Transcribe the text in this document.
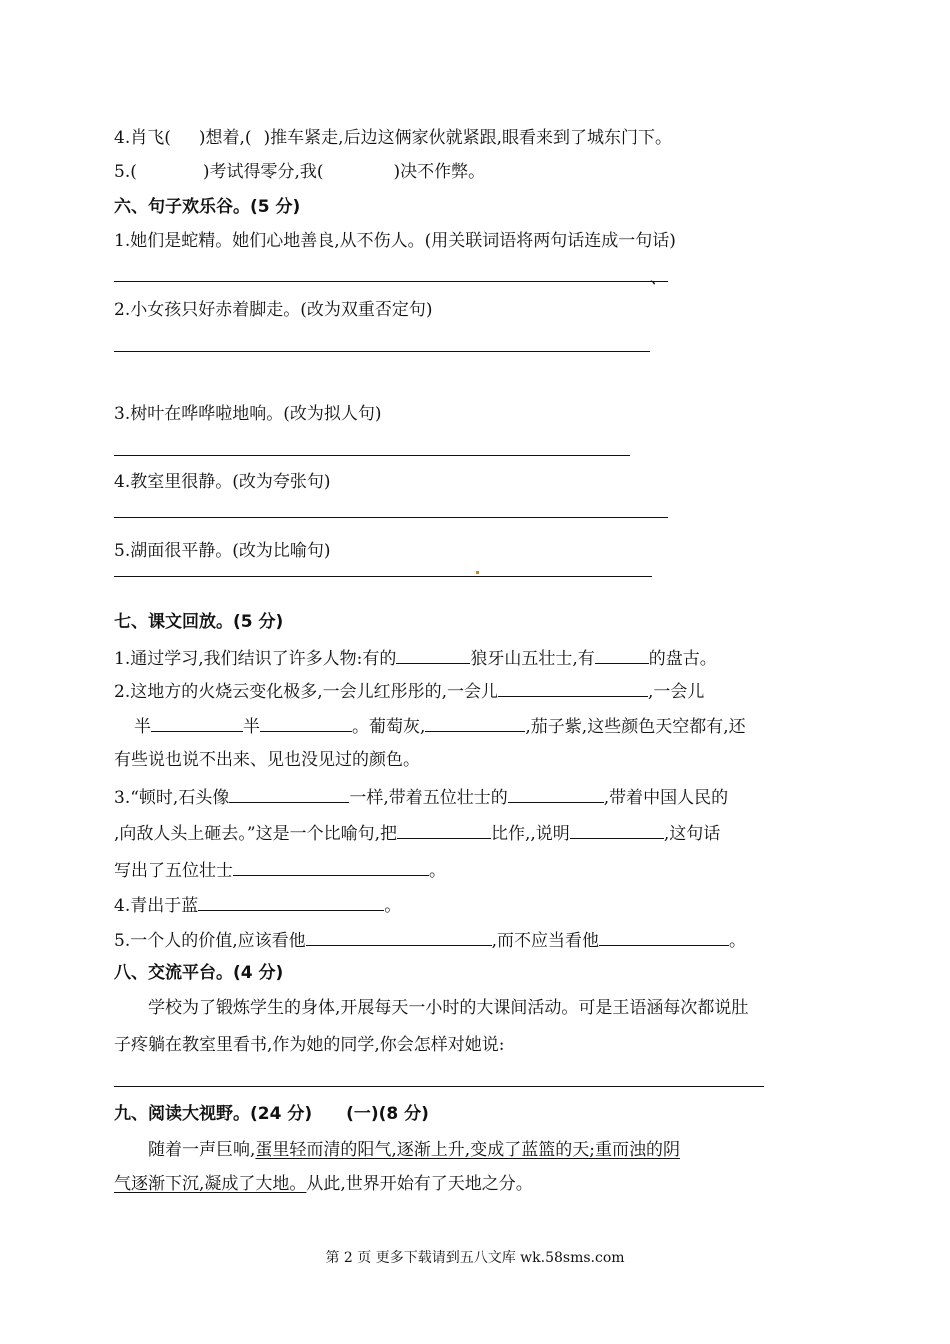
4.肖飞( )想着,( )推车紧走,后边这俩家伙就紧跟,眼看来到了城东门下。
5.(	)考试得零分,我(	)决不作弊。
六、句子欢乐谷。(5 分)
1.她们是蛇精。她们心地善良,从不伤人。(用关联词语将两句话连成一句话)
、
2.小女孩只好赤着脚走。(改为双重否定句)
3.树叶在哗哗啦地响。(改为拟人句)
4.教室里很静。(改为夸张句)
5.湖面很平静。(改为比喻句)
七、课文回放。(5 分)
1.通过学习,我们结识了许多人物:有的	狼牙山五壮士,有	的盘古。
2.这地方的火烧云变化极多,一会儿红彤彤的,一会儿	,一会儿
半	半	。葡萄灰,	,茄子紫,这些颜色天空都有,还
有些说也说不出来、见也没见过的颜色。
3.“顿时,石头像	一样,带着五位壮士的	,带着中国人民的
,向敌人头上砸去。”这是一个比喻句,把	比作,,说明	,这句话
写出了五位壮士	。
4.青出于蓝	。
5.一个人的价值,应该看他	,而不应当看他	。
八、交流平台。(4 分)
学校为了锻炼学生的身体,开展每天一小时的大课间活动。可是王语涵每次都说肚
子疼躺在教室里看书,作为她的同学,你会怎样对她说:
九、阅读大视野。(24 分) (一)(8 分)
随着一声巨响,蛋里轻而清的阳气,逐渐上升,变成了蓝篮的天;重而浊的阴
气逐渐下沉,凝成了大地。从此,世界开始有了天地之分。
第 2 页 更多下载请到五八文库 wk.58sms.com
